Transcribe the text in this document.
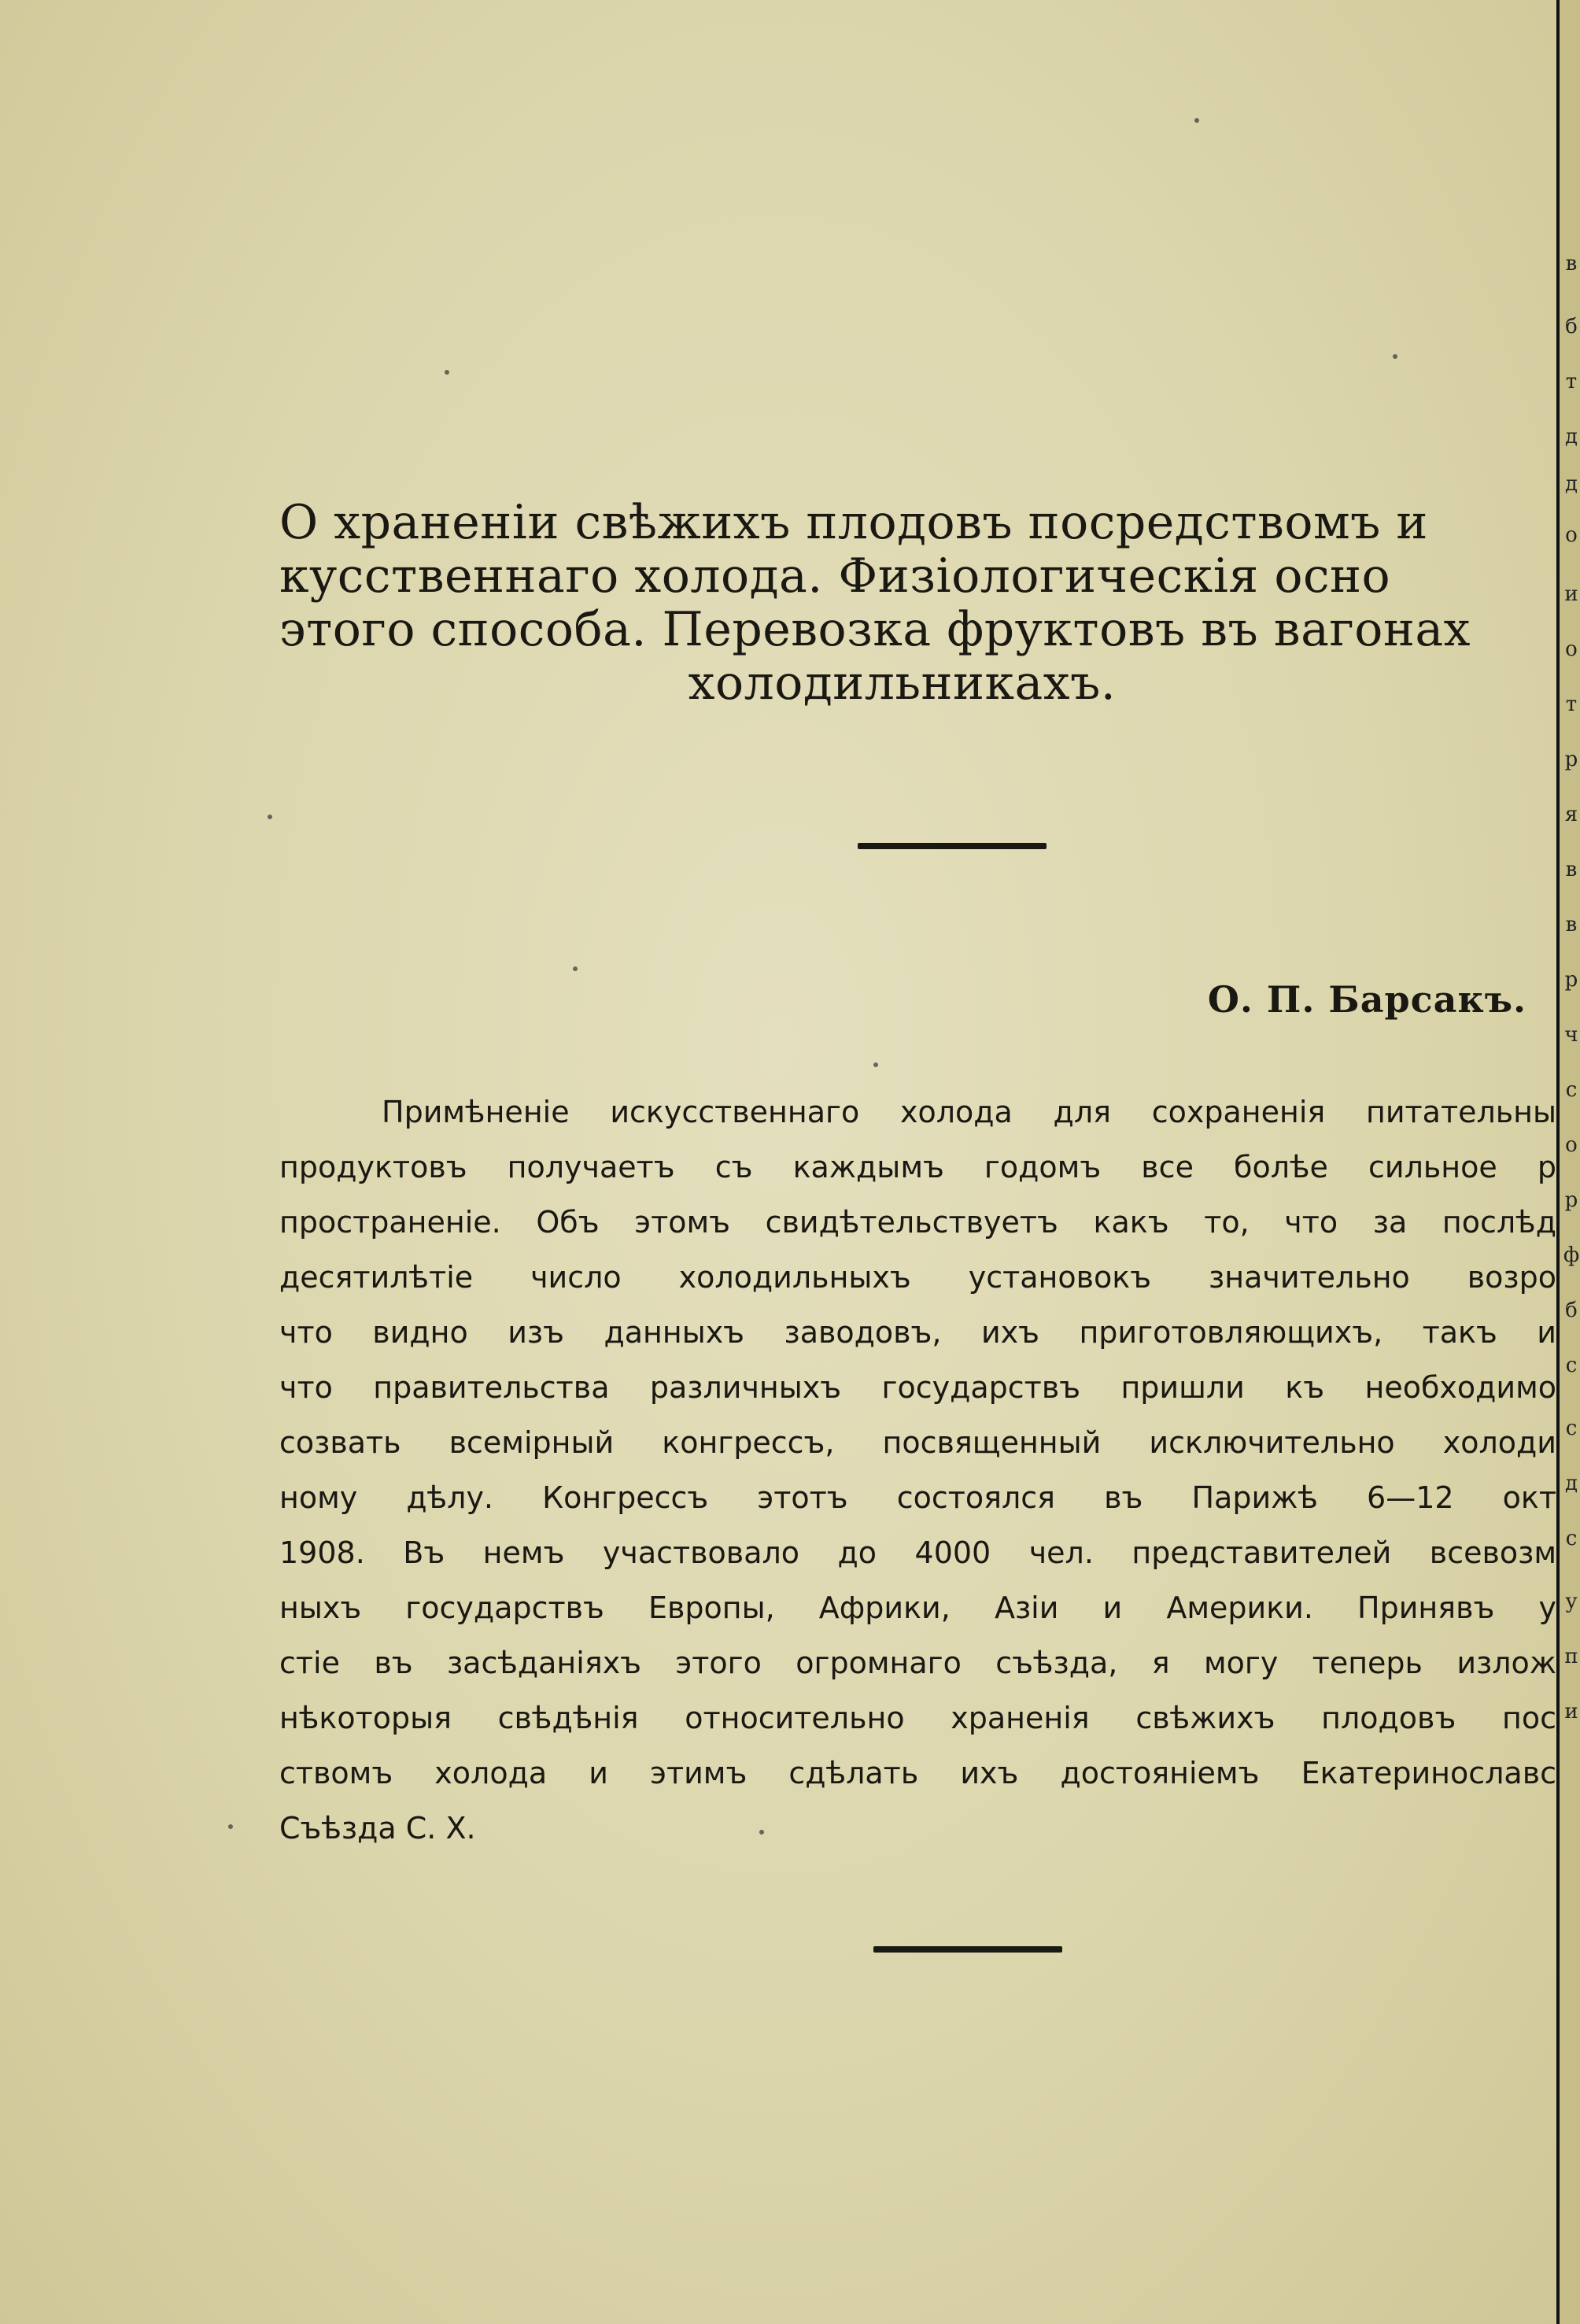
в
б
т
д
д
о
и
о
т
р
я
в
в
р
ч
с
о
р
ф
б
с
с
д
с
у
п
и
О храненіи свѣжихъ плодовъ посредствомъ и
кусственнаго холода. Физіологическія осно
этого способа. Перевозка фруктовъ въ вагонах
холодильникахъ.
О. П. Барсакъ.
Примѣненіе искусственнаго холода для сохраненія питательны
продуктовъ получаетъ съ каждымъ годомъ все болѣе сильное р
пространеніе. Объ этомъ свидѣтельствуетъ какъ то, что за послѣд
десятилѣтіе число холодильныхъ установокъ значительно возро
что видно изъ данныхъ заводовъ, ихъ приготовляющихъ, такъ и
что правительства различныхъ государствъ пришли къ необходимо
созвать всемірный конгрессъ, посвященный исключительно холоди
ному дѣлу. Конгрессъ этотъ состоялся въ Парижѣ 6—12 окт
1908. Въ немъ участвовало до 4000 чел. представителей всевозм
ныхъ государствъ Европы, Африки, Азіи и Америки. Принявъ у
стіе въ засѣданіяхъ этого огромнаго съѣзда, я могу теперь излож
нѣкоторыя свѣдѣнія относительно храненія свѣжихъ плодовъ пос
ствомъ холода и этимъ сдѣлать ихъ достояніемъ Екатеринославс
Съѣзда С. Х.
